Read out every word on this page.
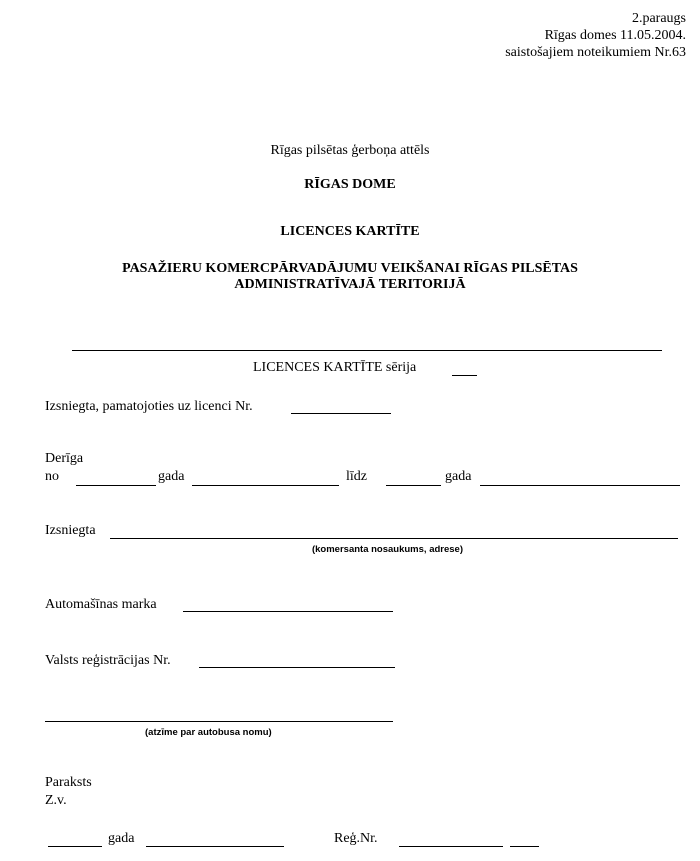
2.paraugs
Rīgas domes 11.05.2004.
saistošajiem noteikumiem Nr.63
Rīgas pilsētas ģerboņa attēls
RĪGAS DOME
LICENCES KARTĪTE
PASAŽIERU KOMERCPĀRVADĀJUMU VEIKŠANAI RĪGAS PILSĒTAS
ADMINISTRATĪVAJĀ TERITORIJĀ
LICENCES KARTĪTE sērija
Izsniegta, pamatojoties uz licenci Nr.
Derīga
no	gada	līdz	gada
Izsniegta
(komersanta nosaukums, adrese)
Automašīnas marka
Valsts reģistrācijas Nr.
(atzīme par autobusa nomu)
Paraksts
Z.v.
gada	Reģ.Nr.
